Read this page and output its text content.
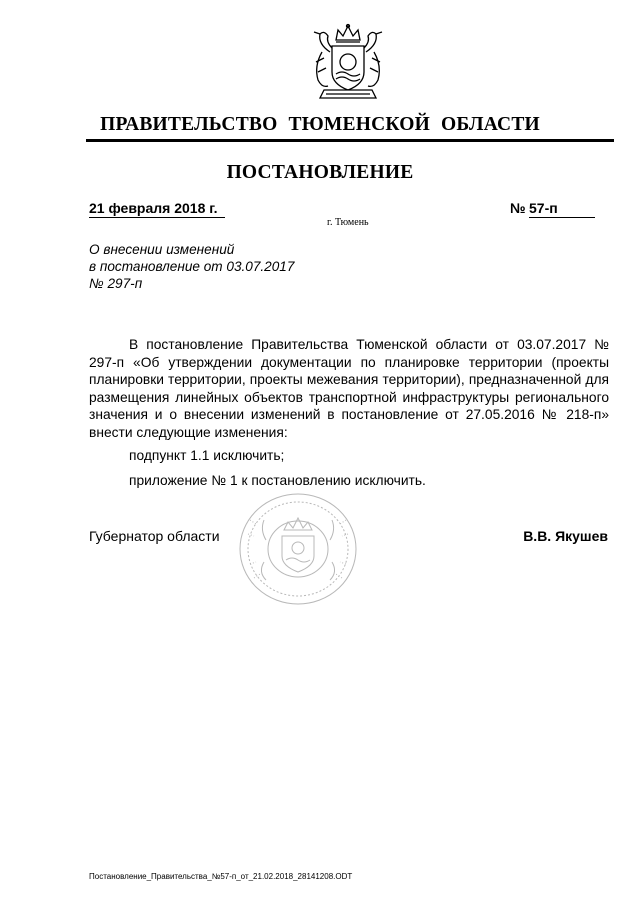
ПРАВИТЕЛЬСТВО ТЮМЕНСКОЙ ОБЛАСТИ
ПОСТАНОВЛЕНИЕ
21 февраля 2018 г.	№ 57-п
г. Тюмень
О внесении изменений
в постановление от 03.07.2017
№ 297-п

В постановление Правительства Тюменской области от 03.07.2017 № 297-п «Об утверждении документации по планировке территории (проекты планировки территории, проекты межевания территории), предназначенной для размещения линейных объектов транспортной инфраструктуры регионального значения и о внесении изменений в постановление от 27.05.2016 № 218-п» внести следующие изменения:

подпункт 1.1 исключить;

приложение № 1 к постановлению исключить.

Губернатор области	В.В. Якушев
Постановление_Правительства_№57-п_от_21.02.2018_28141208.ODT
